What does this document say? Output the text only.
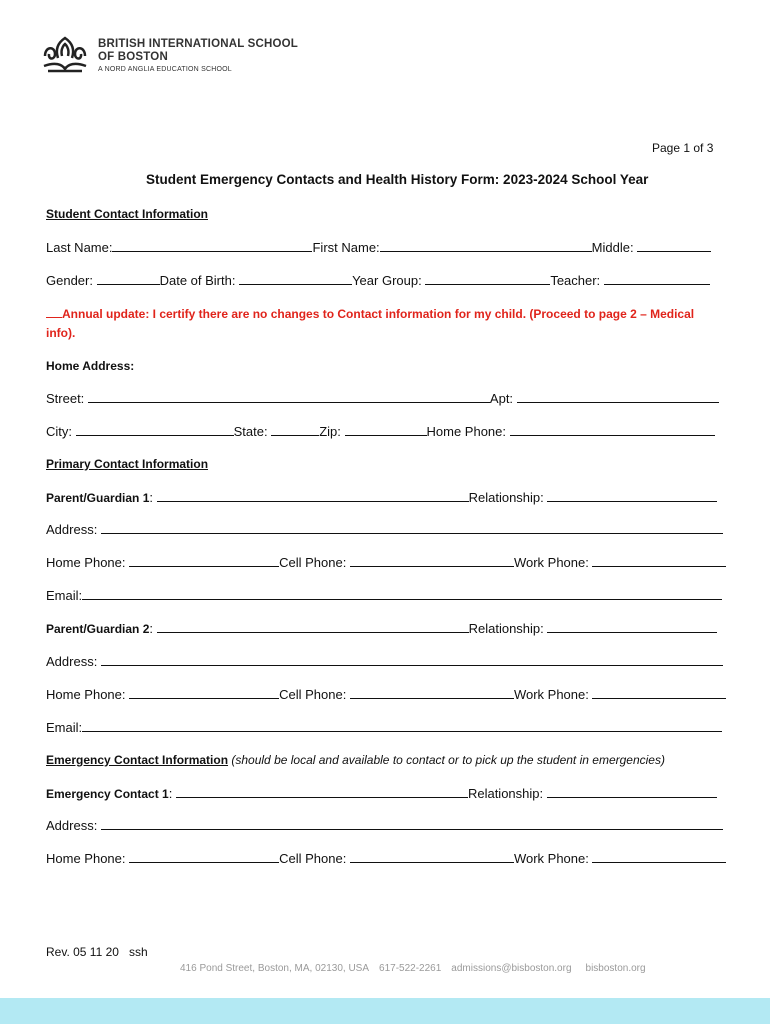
BRITISH INTERNATIONAL SCHOOL
OF BOSTON
A NORD ANGLIA EDUCATION SCHOOL
Page 1 of 3
Student Emergency Contacts and Health History Form: 2023-2024 School Year
Student Contact Information
Last Name:	First Name:	Middle:
Gender:	Date of Birth:	Year Group:	Teacher:
Annual update: I certify there are no changes to Contact information for my child. (Proceed to page 2 – Medical
info).
Home Address:
Street:	Apt:
City:	State:	Zip:	Home Phone:
Primary Contact Information
Parent/Guardian 1:	Relationship:
Address:
Home Phone:	Cell Phone:	Work Phone:
Email:
Parent/Guardian 2:	Relationship:
Address:
Home Phone:	Cell Phone:	Work Phone:
Email:
Emergency Contact Information (should be local and available to contact or to pick up the student in emergencies)
Emergency Contact 1:	Relationship:
Address:
Home Phone:	Cell Phone:	Work Phone:
Rev. 05 11 20   ssh
416 Pond Street, Boston, MA, 02130, USA 617-522-2261 admissions@bisboston.org bisboston.org
